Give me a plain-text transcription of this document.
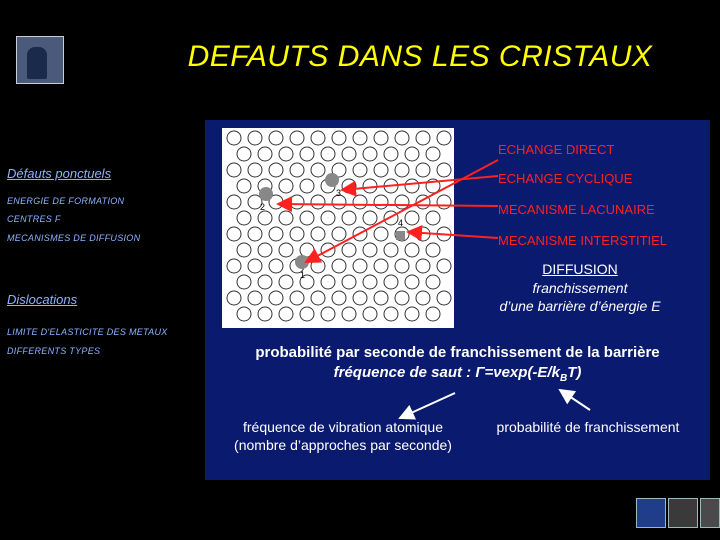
DEFAUTS DANS LES CRISTAUX
Défauts ponctuels
ENERGIE DE FORMATION
CENTRES F
MECANISMES DE DIFFUSION
Dislocations
LIMITE D'ELASTICITE DES METAUX
DIFFERENTS TYPES
1
2
3
4
ECHANGE DIRECT
ECHANGE CYCLIQUE
MECANISME LACUNAIRE
MECANISME INTERSTITIEL
DIFFUSION
franchissement
d’une barrière d’énergie E
probabilité par seconde de franchissement de la barrière
fréquence de saut : $\Gamma=\nu\exp(-E/k_BT)$
fréquence de vibration atomique
(nombre d’approches par seconde)
probabilité de franchissement
